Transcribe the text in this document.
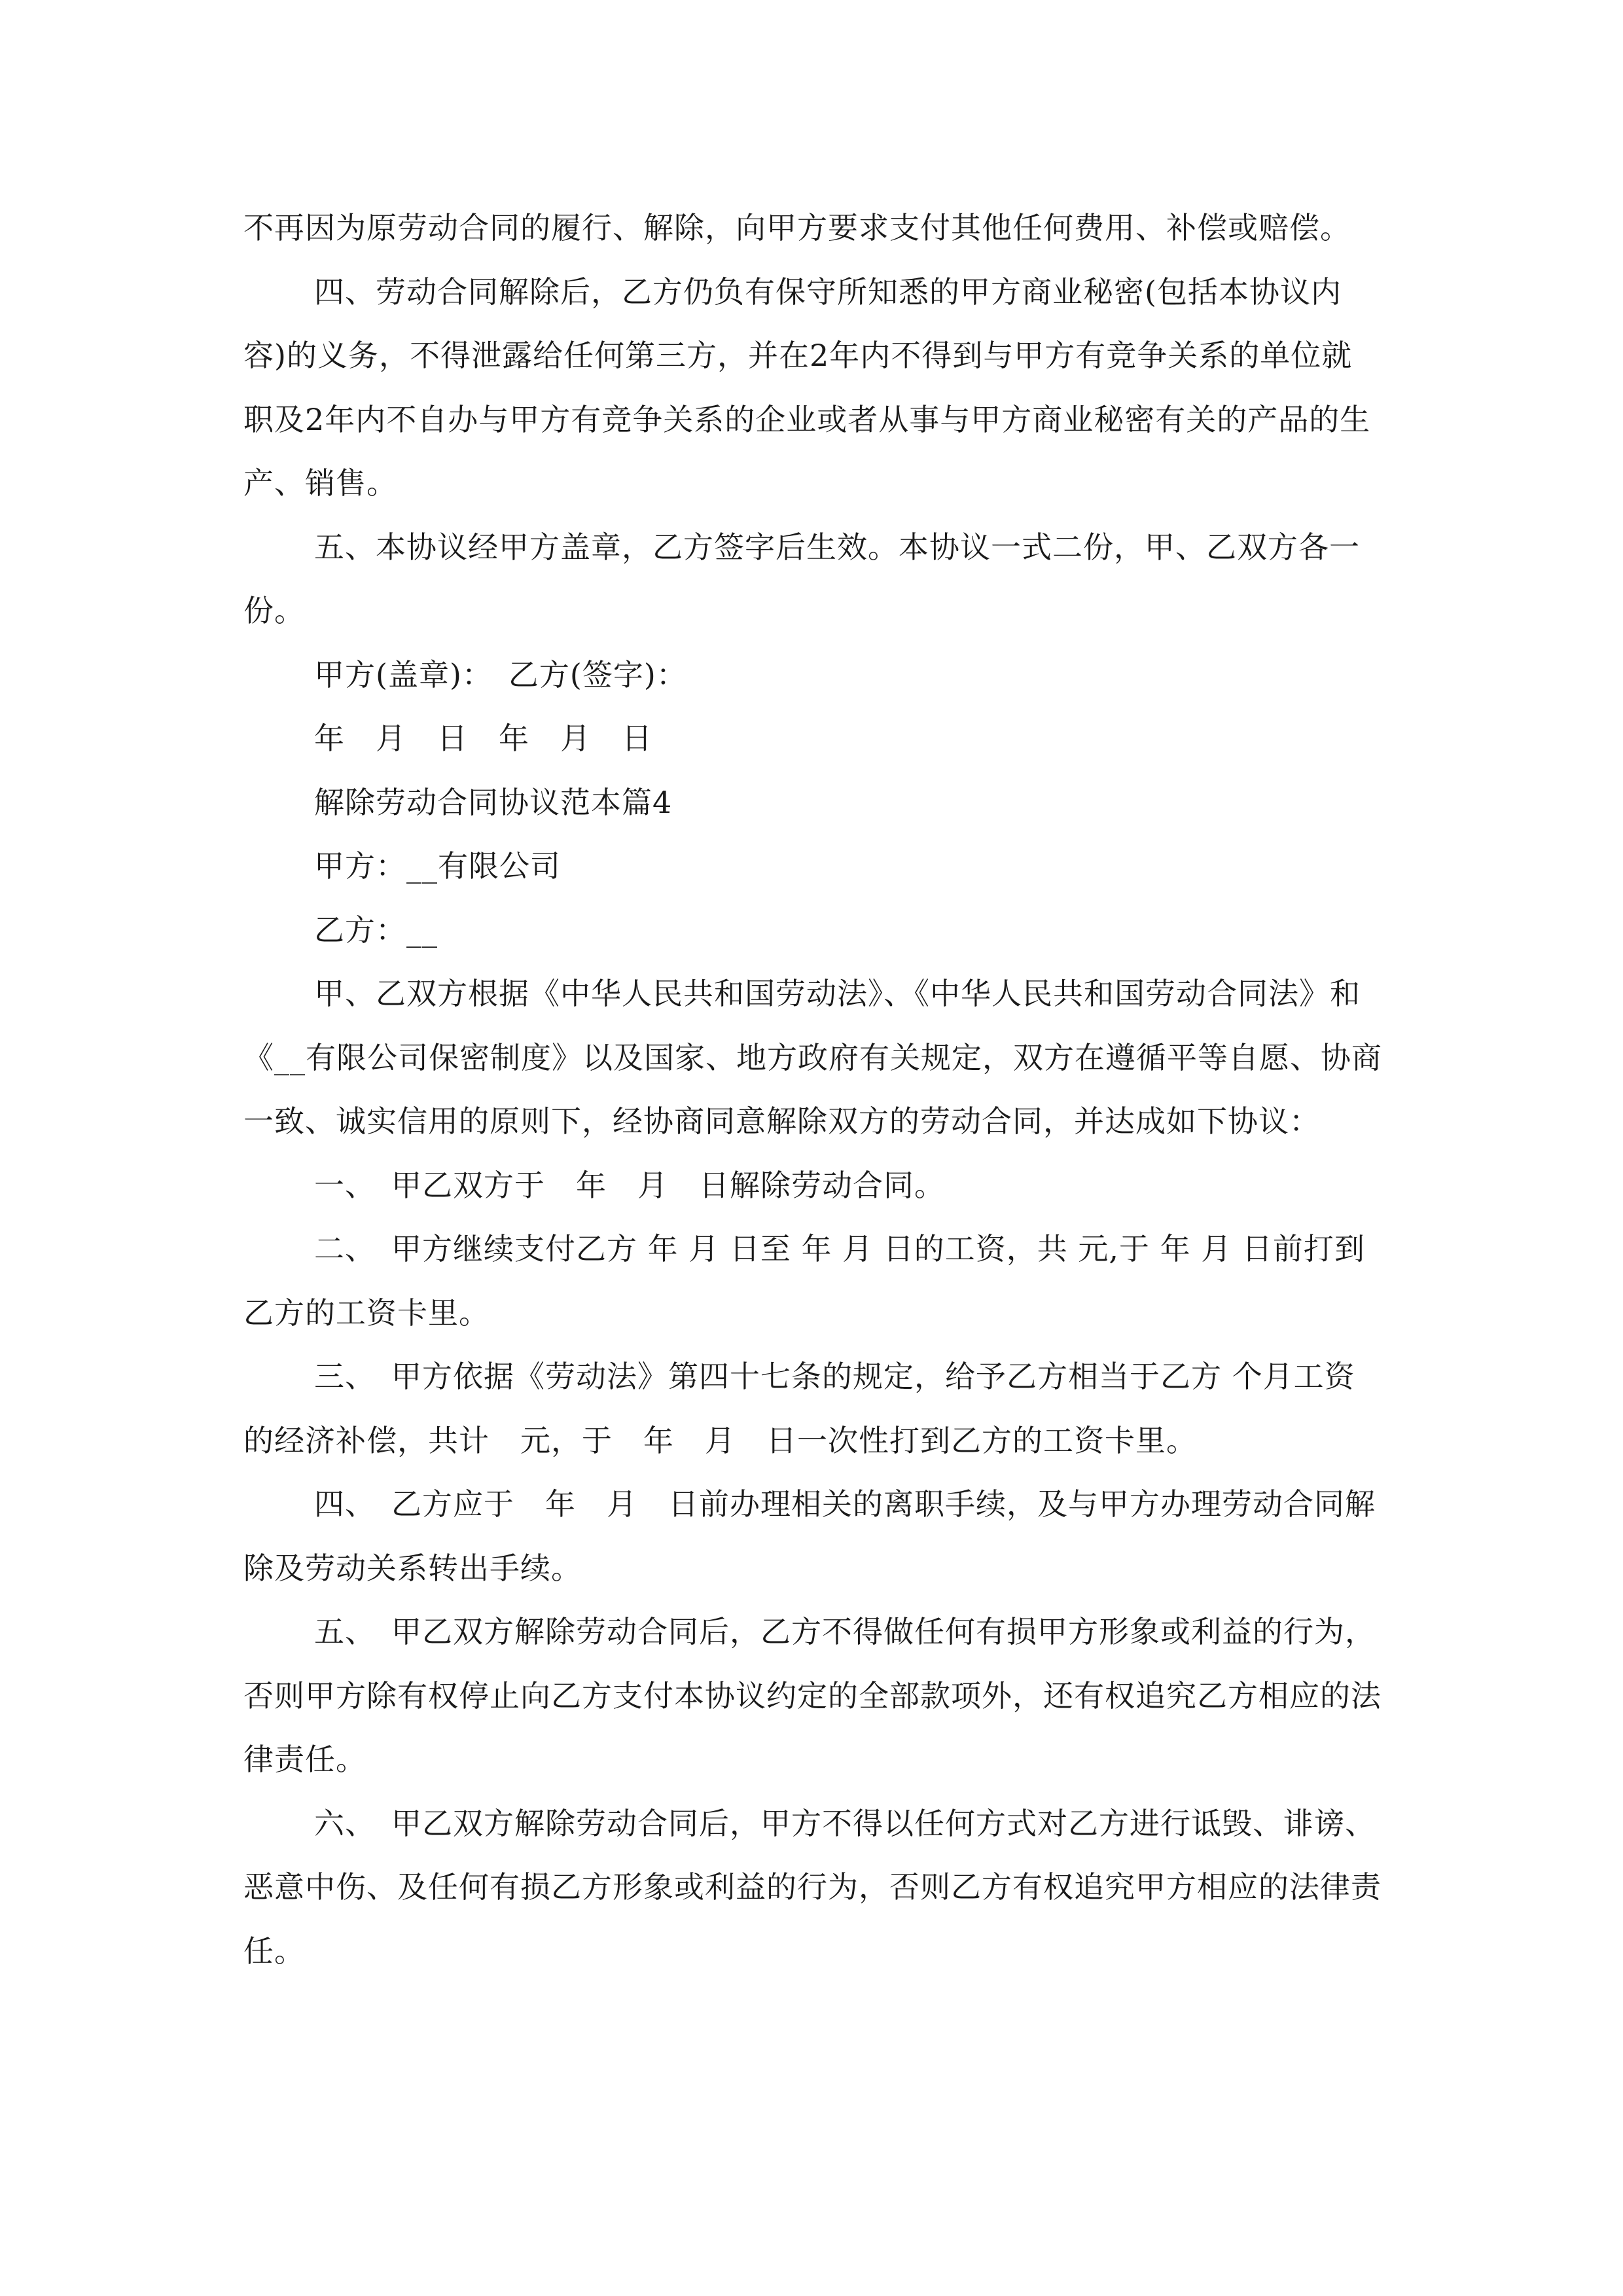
不再因为原劳动合同的履行、解除，向甲方要求支付其他任何费用、补偿或赔偿。

四、劳动合同解除后，乙方仍负有保守所知悉的甲方商业秘密(包括本协议内容)的义务，不得泄露给任何第三方，并在2年内不得到与甲方有竞争关系的单位就职及2年内不自办与甲方有竞争关系的企业或者从事与甲方商业秘密有关的产品的生产、销售。

五、本协议经甲方盖章，乙方签字后生效。本协议一式二份，甲、乙双方各一份。

甲方(盖章)：　乙方(签字)：

年　月　日　年　月　日

解除劳动合同协议范本篇4

甲方：__有限公司

乙方：__

甲、乙双方根据《中华人民共和国劳动法》、《中华人民共和国劳动合同法》和《__有限公司保密制度》以及国家、地方政府有关规定，双方在遵循平等自愿、协商一致、诚实信用的原则下，经协商同意解除双方的劳动合同，并达成如下协议：

一、　甲乙双方于　年　月　日解除劳动合同。

二、　甲方继续支付乙方 年 月 日至 年 月 日的工资，共 元,于 年 月 日前打到乙方的工资卡里。

三、　甲方依据《劳动法》第四十七条的规定，给予乙方相当于乙方 个月工资的经济补偿，共计　元，于　年　月　日一次性打到乙方的工资卡里。

四、　乙方应于　年　月　日前办理相关的离职手续，及与甲方办理劳动合同解除及劳动关系转出手续。

五、　甲乙双方解除劳动合同后，乙方不得做任何有损甲方形象或利益的行为，否则甲方除有权停止向乙方支付本协议约定的全部款项外，还有权追究乙方相应的法律责任。

六、　甲乙双方解除劳动合同后，甲方不得以任何方式对乙方进行诋毁、诽谤、恶意中伤、及任何有损乙方形象或利益的行为，否则乙方有权追究甲方相应的法律责任。
